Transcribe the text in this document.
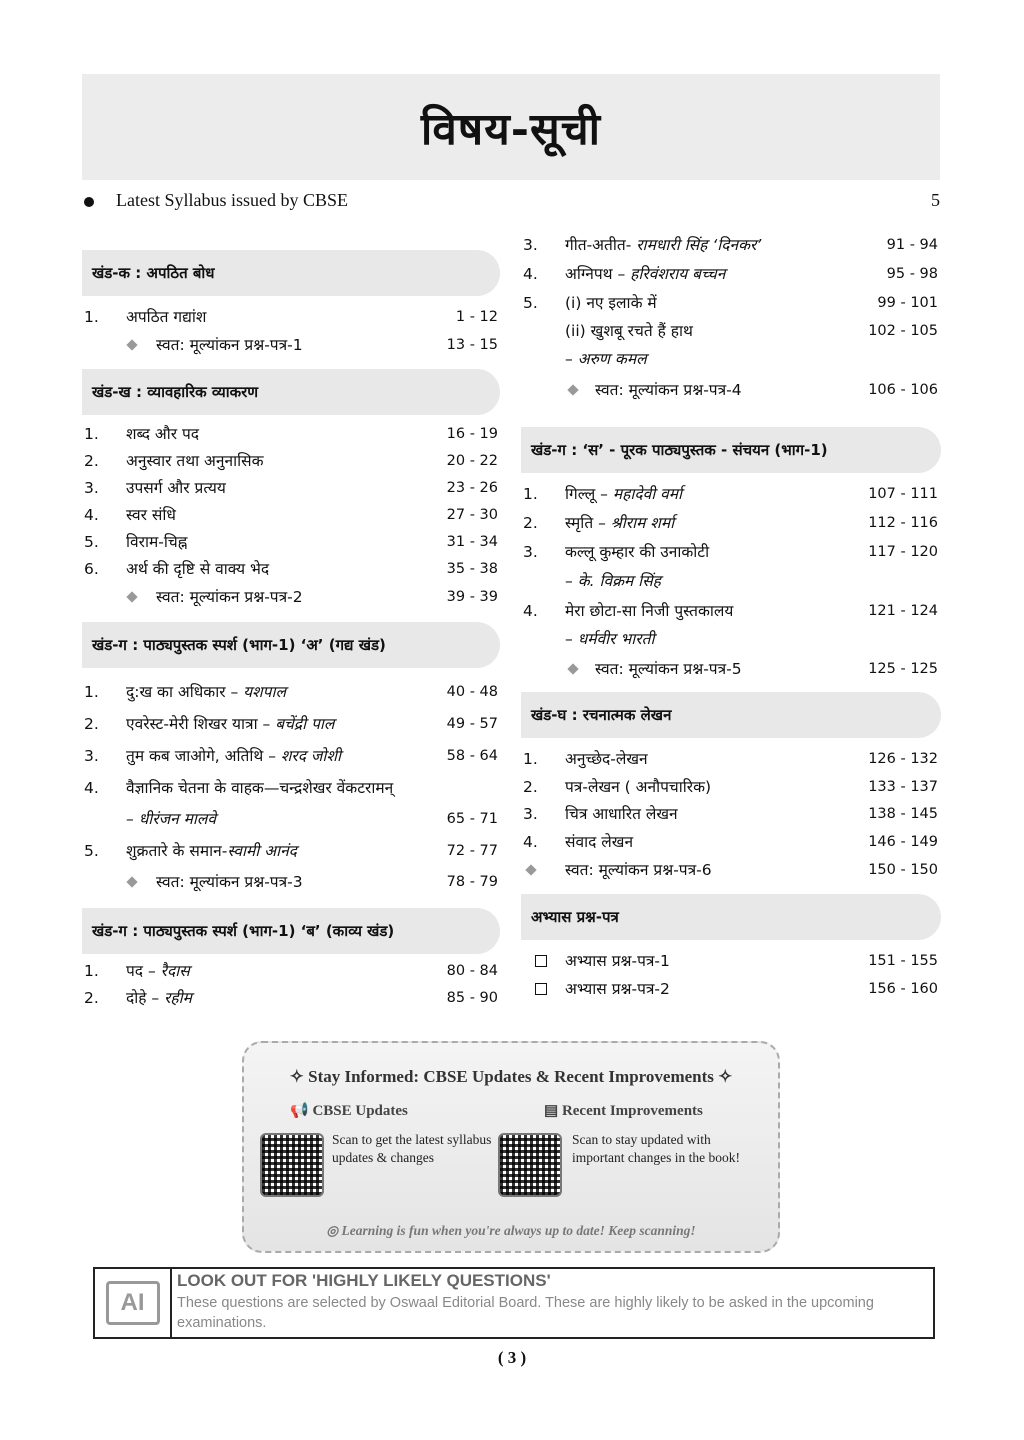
विषय-सूची
Latest Syllabus issued by CBSE	5
खंड-क : अपठित बोध
1. अपठित गद्यांश	1 - 12
स्वत: मूल्यांकन प्रश्न-पत्र-1	13 - 15
खंड-ख : व्यावहारिक व्याकरण
1. शब्द और पद	16 - 19
2. अनुस्वार तथा अनुनासिक	20 - 22
3. उपसर्ग और प्रत्यय	23 - 26
4. स्वर संधि	27 - 30
5. विराम-चिह्न	31 - 34
6. अर्थ की दृष्टि से वाक्य भेद	35 - 38
स्वत: मूल्यांकन प्रश्न-पत्र-2	39 - 39
खंड-ग : पाठ्यपुस्तक स्पर्श (भाग-1) ‘अ’ (गद्य खंड)
1. दु:ख का अधिकार – यशपाल	40 - 48
2. एवरेस्ट-मेरी शिखर यात्रा – बचेंद्री पाल	49 - 57
3. तुम कब जाओगे, अतिथि – शरद जोशी	58 - 64
4. वैज्ञानिक चेतना के वाहक—चन्द्रशेखर वेंकटरामन्
– धीरंजन मालवे	65 - 71
5. शुक्रतारे के समान-स्वामी आनंद	72 - 77
स्वत: मूल्यांकन प्रश्न-पत्र-3	78 - 79
खंड-ग : पाठ्यपुस्तक स्पर्श (भाग-1) ‘ब’ (काव्य खंड)
1. पद – रैदास	80 - 84
2. दोहे – रहीम	85 - 90
3. गीत-अतीत- रामधारी सिंह ‘दिनकर’	91 - 94
4. अग्निपथ – हरिवंशराय बच्चन	95 - 98
5. (i) नए इलाके में	99 - 101
(ii) खुशबू रचते हैं हाथ	102 - 105
– अरुण कमल
स्वत: मूल्यांकन प्रश्न-पत्र-4	106 - 106
खंड-ग : ‘स’ - पूरक पाठ्यपुस्तक - संचयन (भाग-1)
1. गिल्लू – महादेवी वर्मा	107 - 111
2. स्मृति – श्रीराम शर्मा	112 - 116
3. कल्लू कुम्हार की उनाकोटी	117 - 120
– के. विक्रम सिंह
4. मेरा छोटा-सा निजी पुस्तकालय	121 - 124
– धर्मवीर भारती
स्वत: मूल्यांकन प्रश्न-पत्र-5	125 - 125
खंड-घ : रचनात्मक लेखन
1. अनुच्छेद-लेखन	126 - 132
2. पत्र-लेखन ( अनौपचारिक)	133 - 137
3. चित्र आधारित लेखन	138 - 145
4. संवाद लेखन	146 - 149
स्वत: मूल्यांकन प्रश्न-पत्र-6	150 - 150
अभ्यास प्रश्न-पत्र
अभ्यास प्रश्न-पत्र-1	151 - 155
अभ्यास प्रश्न-पत्र-2	156 - 160
✧ Stay Informed: CBSE Updates & Recent Improvements ✧
📢 CBSE Updates	▤ Recent Improvements
Scan to get the latest syllabus updates & changes
Scan to stay updated with important changes in the book!
◎ Learning is fun when you're always up to date! Keep scanning!
AI
LOOK OUT FOR 'HIGHLY LIKELY QUESTIONS'
These questions are selected by Oswaal Editorial Board. These are highly likely to be asked in the upcoming examinations.
( 3 )
